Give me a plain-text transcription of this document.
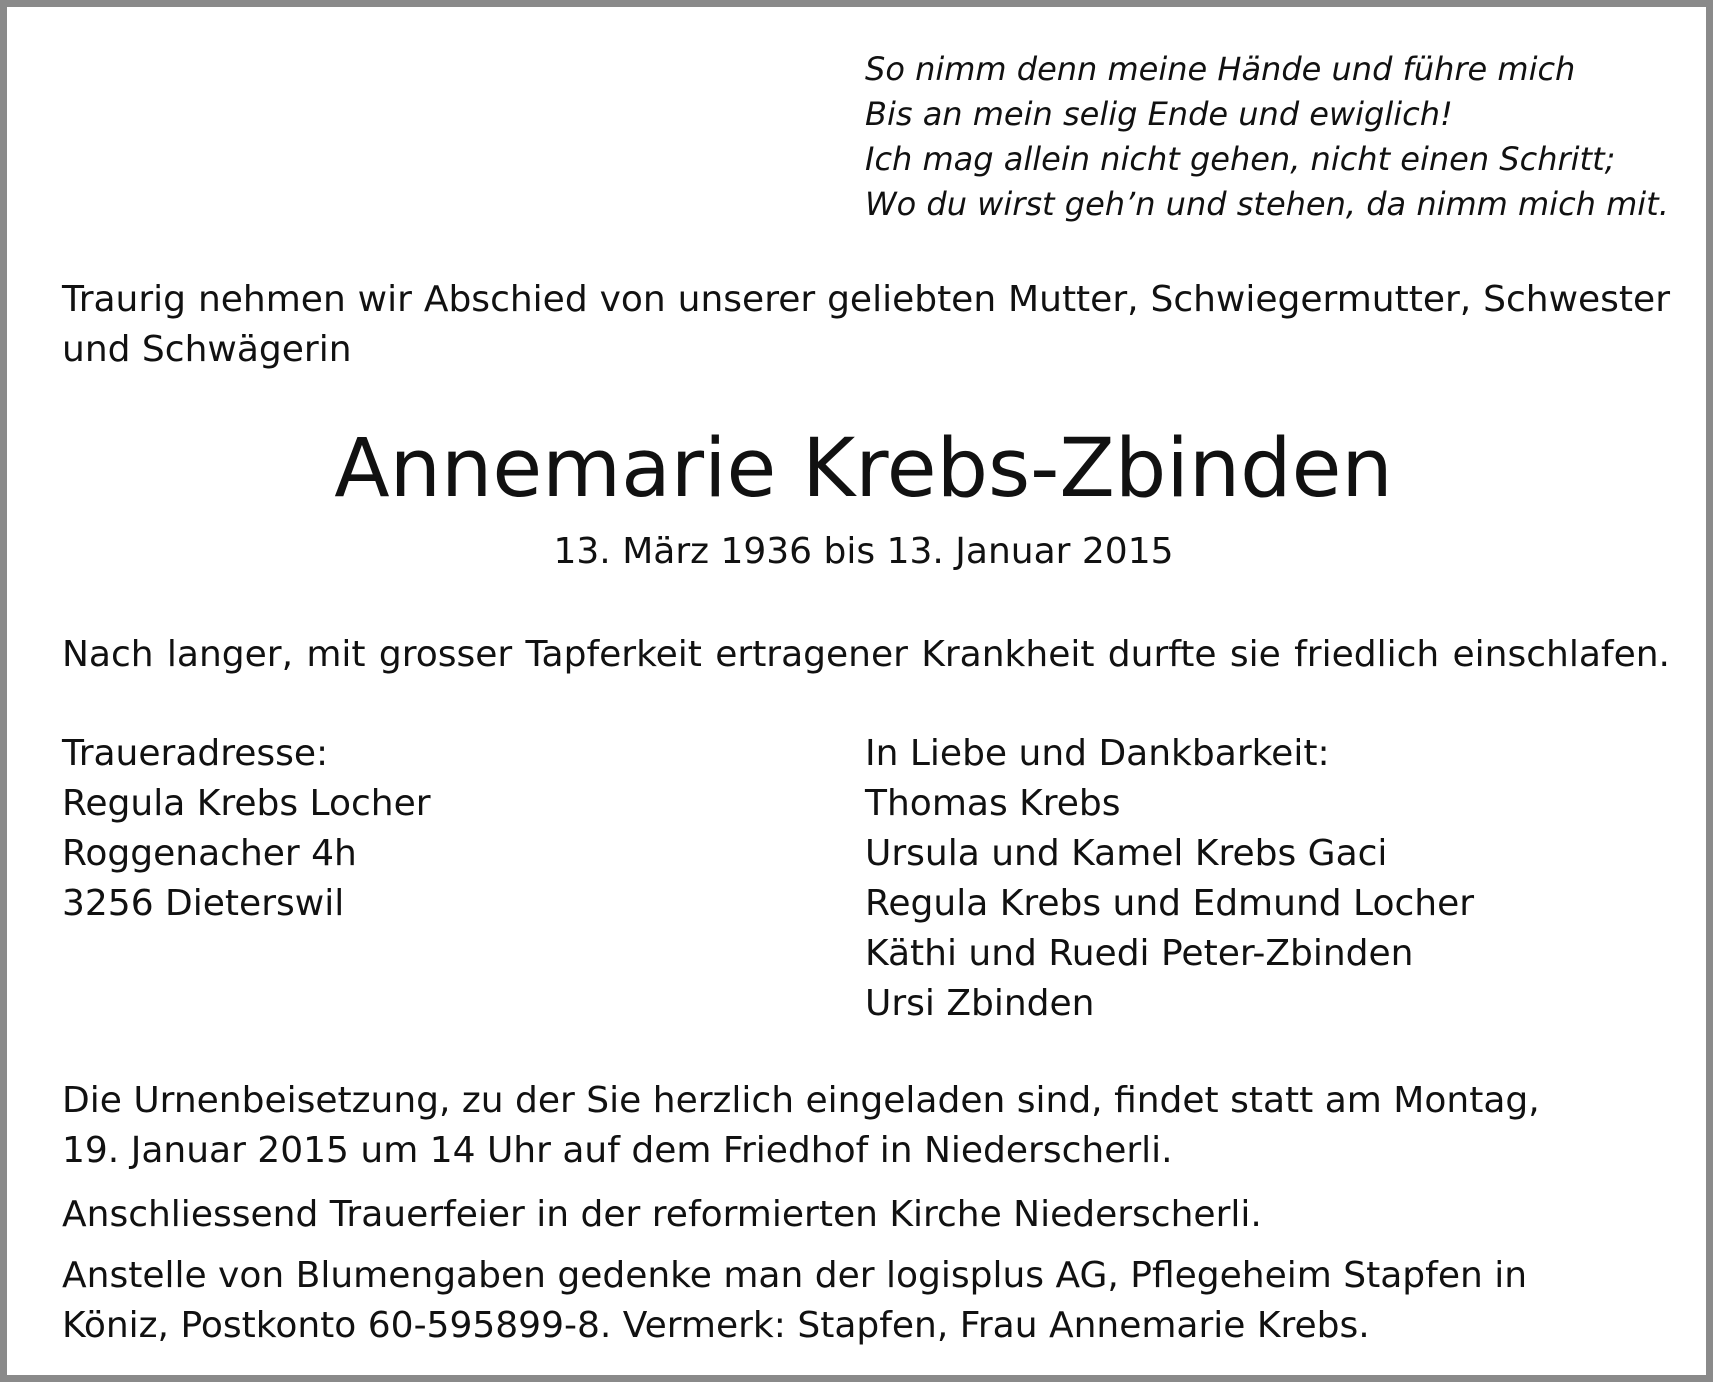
So nimm denn meine Hände und führe mich
Bis an mein selig Ende und ewiglich!
Ich mag allein nicht gehen, nicht einen Schritt;
Wo du wirst geh’n und stehen, da nimm mich mit.
Traurig nehmen wir Abschied von unserer geliebten Mutter, Schwiegermutter, Schwester und Schwägerin
Annemarie Krebs-Zbinden
13. März 1936 bis 13. Januar 2015
Nach langer, mit grosser Tapferkeit ertragener Krankheit durfte sie friedlich einschlafen.
Traueradresse:
Regula Krebs Locher
Roggenacher 4h
3256 Dieterswil
In Liebe und Dankbarkeit:
Thomas Krebs
Ursula und Kamel Krebs Gaci
Regula Krebs und Edmund Locher
Käthi und Ruedi Peter-Zbinden
Ursi Zbinden
Die Urnenbeisetzung, zu der Sie herzlich eingeladen sind, findet statt am Montag,
19. Januar 2015 um 14 Uhr auf dem Friedhof in Niederscherli.
Anschliessend Trauerfeier in der reformierten Kirche Niederscherli.
Anstelle von Blumengaben gedenke man der logisplus AG, Pflegeheim Stapfen in
Köniz, Postkonto 60-595899-8. Vermerk: Stapfen, Frau Annemarie Krebs.
